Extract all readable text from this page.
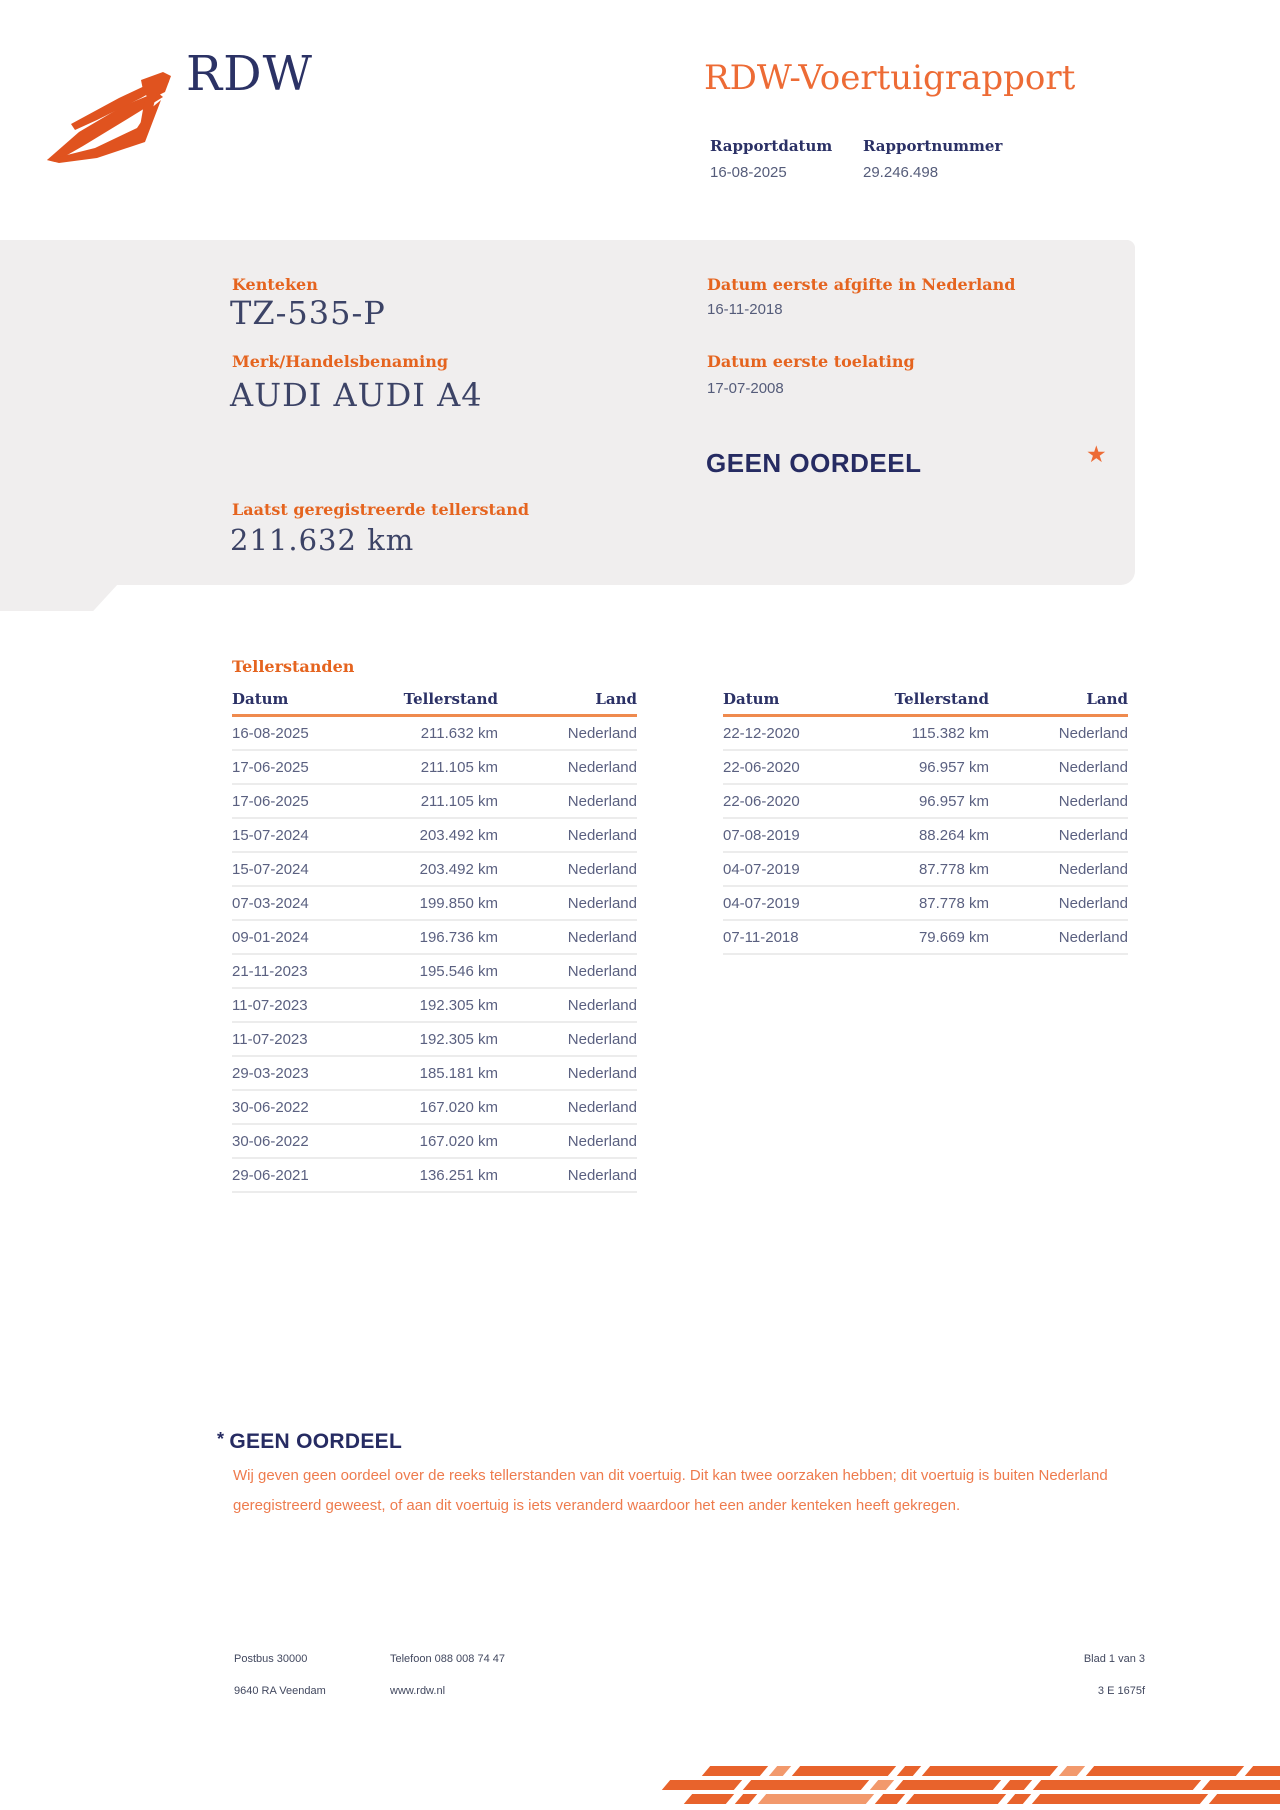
RDW	RDW-Voertuigrapport
Rapportdatum Rapportnummer
16-08-2025	29.246.498
Kenteken
TZ-535-P
Merk/Handelsbenaming
AUDI AUDI A4
Datum eerste afgifte in Nederland
16-11-2018
Datum eerste toelating
17-07-2008
GEEN OORDEEL	★
Laatst geregistreerde tellerstand
211.632 km
Tellerstanden
Datum	Tellerstand	Land
16-08-2025	211.632 km	Nederland
17-06-2025	211.105 km	Nederland
17-06-2025	211.105 km	Nederland
15-07-2024	203.492 km	Nederland
15-07-2024	203.492 km	Nederland
07-03-2024	199.850 km	Nederland
09-01-2024	196.736 km	Nederland
21-11-2023	195.546 km	Nederland
11-07-2023	192.305 km	Nederland
11-07-2023	192.305 km	Nederland
29-03-2023	185.181 km	Nederland
30-06-2022	167.020 km	Nederland
30-06-2022	167.020 km	Nederland
29-06-2021	136.251 km	Nederland
Datum	Tellerstand	Land
22-12-2020	115.382 km	Nederland
22-06-2020	96.957 km	Nederland
22-06-2020	96.957 km	Nederland
07-08-2019	88.264 km	Nederland
04-07-2019	87.778 km	Nederland
04-07-2019	87.778 km	Nederland
07-11-2018	79.669 km	Nederland
* GEEN OORDEEL
Wij geven geen oordeel over de reeks tellerstanden van dit voertuig. Dit kan twee oorzaken hebben; dit voertuig is buiten Nederland geregistreerd geweest, of aan dit voertuig is iets veranderd waardoor het een ander kenteken heeft gekregen.
Postbus 30000
9640 RA Veendam
Telefoon 088 008 74 47
www.rdw.nl
Blad 1 van 3
3 E 1675f
